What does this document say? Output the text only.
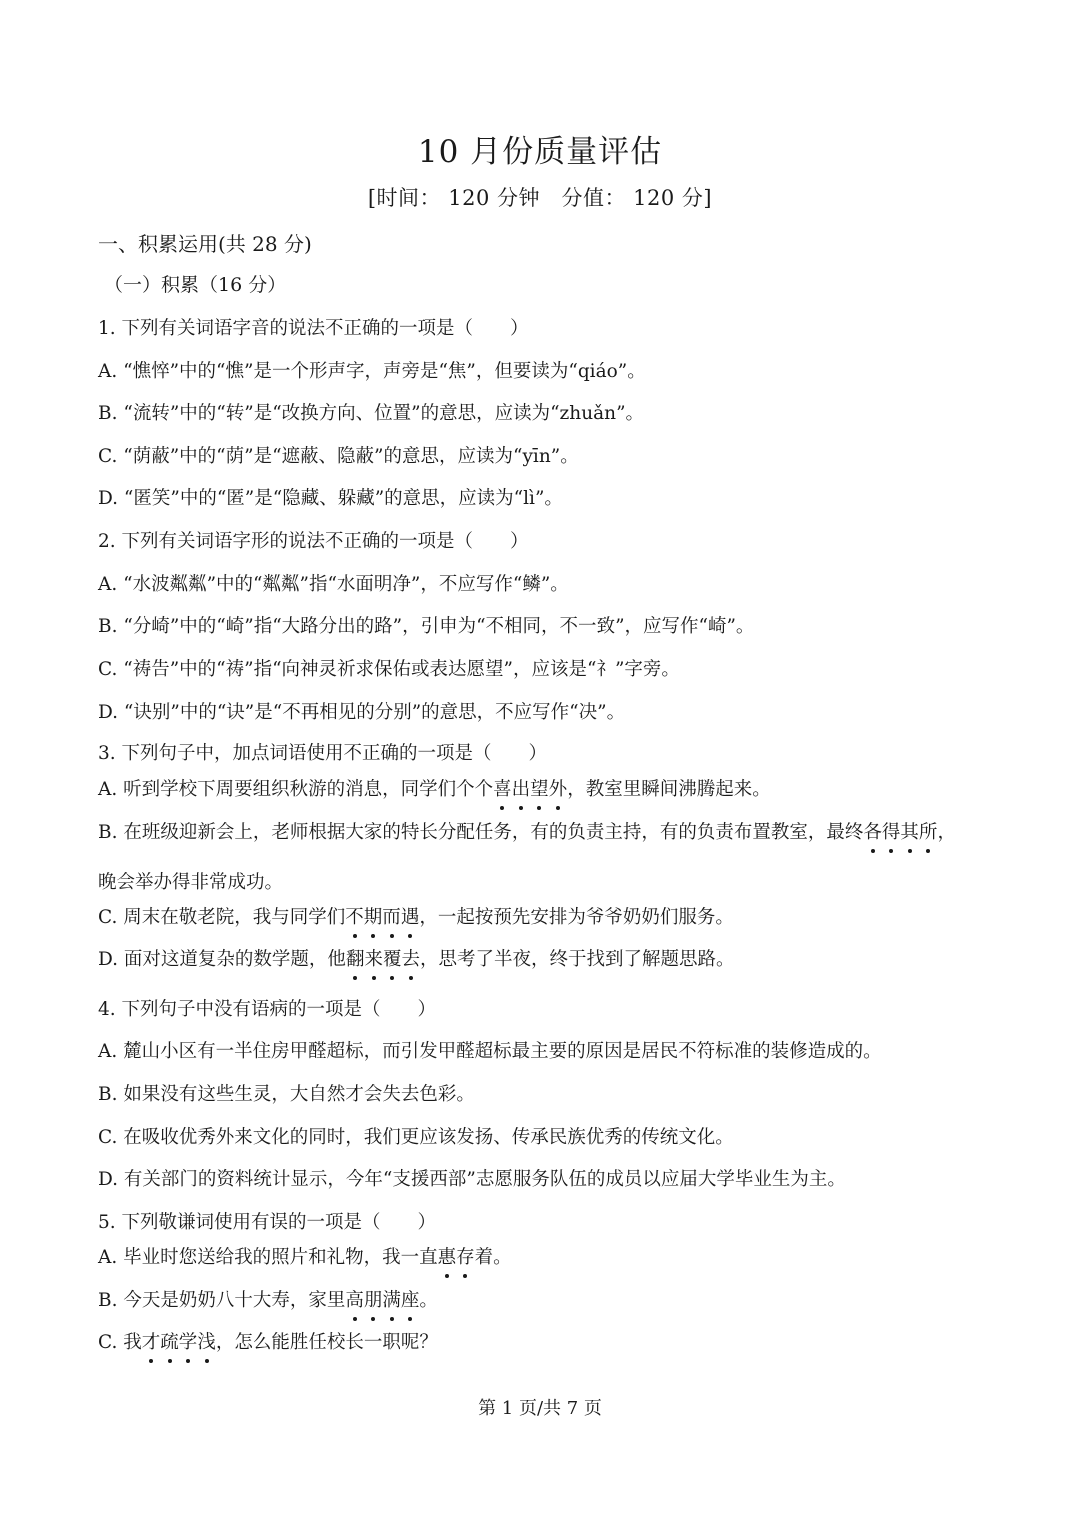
10 月份质量评估
[时间： 120 分钟　分值： 120 分]
一、积累运用(共 28 分)
（一）积累（16 分）
1. 下列有关词语字音的说法不正确的一项是（　　）
A. “憔悴”中的“憔”是一个形声字，声旁是“焦”，但要读为“qiáo”。
B. “流转”中的“转”是“改换方向、位置”的意思，应读为“zhuǎn”。
C. “荫蔽”中的“荫”是“遮蔽、隐蔽”的意思，应读为“yīn”。
D. “匿笑”中的“匿”是“隐藏、躲藏”的意思，应读为“lì”。
2. 下列有关词语字形的说法不正确的一项是（　　）
A. “水波粼粼”中的“粼粼”指“水面明净”，不应写作“鳞”。
B. “分崎”中的“崎”指“大路分出的路”，引申为“不相同，不一致”，应写作“崎”。
C. “祷告”中的“祷”指“向神灵祈求保佑或表达愿望”，应该是“礻”字旁。
D. “诀别”中的“诀”是“不再相见的分别”的意思，不应写作“决”。
3. 下列句子中，加点词语使用不正确的一项是（　　）
A. 听到学校下周要组织秋游的消息，同学们个个喜出望外，教室里瞬间沸腾起来。
B. 在班级迎新会上，老师根据大家的特长分配任务，有的负责主持，有的负责布置教室，最终各得其所，
晚会举办得非常成功。
C. 周末在敬老院，我与同学们不期而遇，一起按预先安排为爷爷奶奶们服务。
D. 面对这道复杂的数学题，他翻来覆去，思考了半夜，终于找到了解题思路。
4. 下列句子中没有语病的一项是（　　）
A. 麓山小区有一半住房甲醛超标，而引发甲醛超标最主要的原因是居民不符标准的装修造成的。
B. 如果没有这些生灵，大自然才会失去色彩。
C. 在吸收优秀外来文化的同时，我们更应该发扬、传承民族优秀的传统文化。
D. 有关部门的资料统计显示，今年“支援西部”志愿服务队伍的成员以应届大学毕业生为主。
5. 下列敬谦词使用有误的一项是（　　）
A. 毕业时您送给我的照片和礼物，我一直惠存着。
B. 今天是奶奶八十大寿，家里高朋满座。
C. 我才疏学浅，怎么能胜任校长一职呢？
第 1 页/共 7 页
